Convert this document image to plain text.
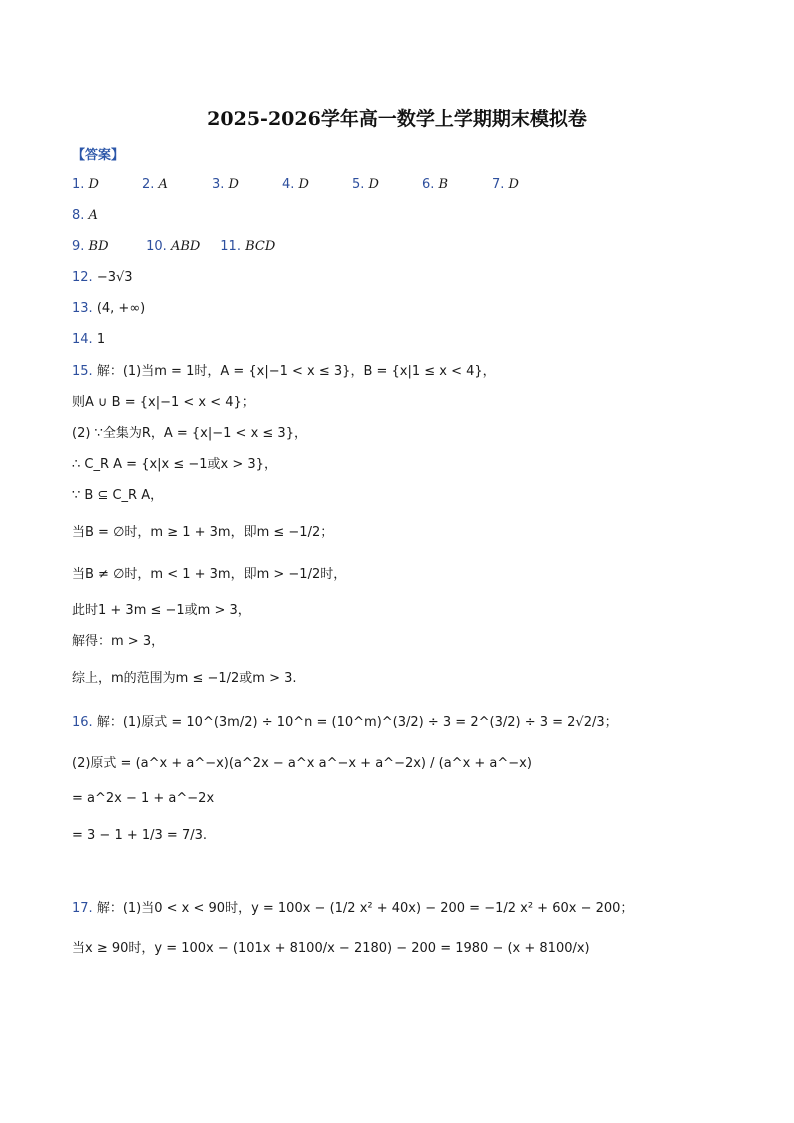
2025-2026学年高一数学上学期期末模拟卷
【答案】
1. D	2. A	3. D	4. D	5. D	6. B	7. D
8. A
9. BD	10. ABD 11. BCD
12. −3√3
13. (4, +∞)
14. 1
15. 解：(1)当m = 1时，A = {x|−1 < x ≤ 3}，B = {x|1 ≤ x < 4}，
则A ∪ B = {x|−1 < x < 4}；
(2) ∵全集为R，A = {x|−1 < x ≤ 3}，
∴ C_R A = {x|x ≤ −1或x > 3}，
∵ B ⊆ C_R A，
当B = ∅时，m ≥ 1 + 3m，即m ≤ −1/2；
当B ≠ ∅时，m < 1 + 3m，即m > −1/2时，
此时1 + 3m ≤ −1或m > 3，
解得：m > 3，
综上，m的范围为m ≤ −1/2或m > 3.
16. 解：(1)原式 = 10^(3m/2) ÷ 10^n = (10^m)^(3/2) ÷ 3 = 2^(3/2) ÷ 3 = 2√2/3；
(2)原式 = (a^x + a^−x)(a^2x − a^x a^−x + a^−2x) / (a^x + a^−x)
= a^2x − 1 + a^−2x
= 3 − 1 + 1/3 = 7/3.
17. 解：(1)当0 < x < 90时，y = 100x − (1/2 x² + 40x) − 200 = −1/2 x² + 60x − 200；
当x ≥ 90时，y = 100x − (101x + 8100/x − 2180) − 200 = 1980 − (x + 8100/x)
